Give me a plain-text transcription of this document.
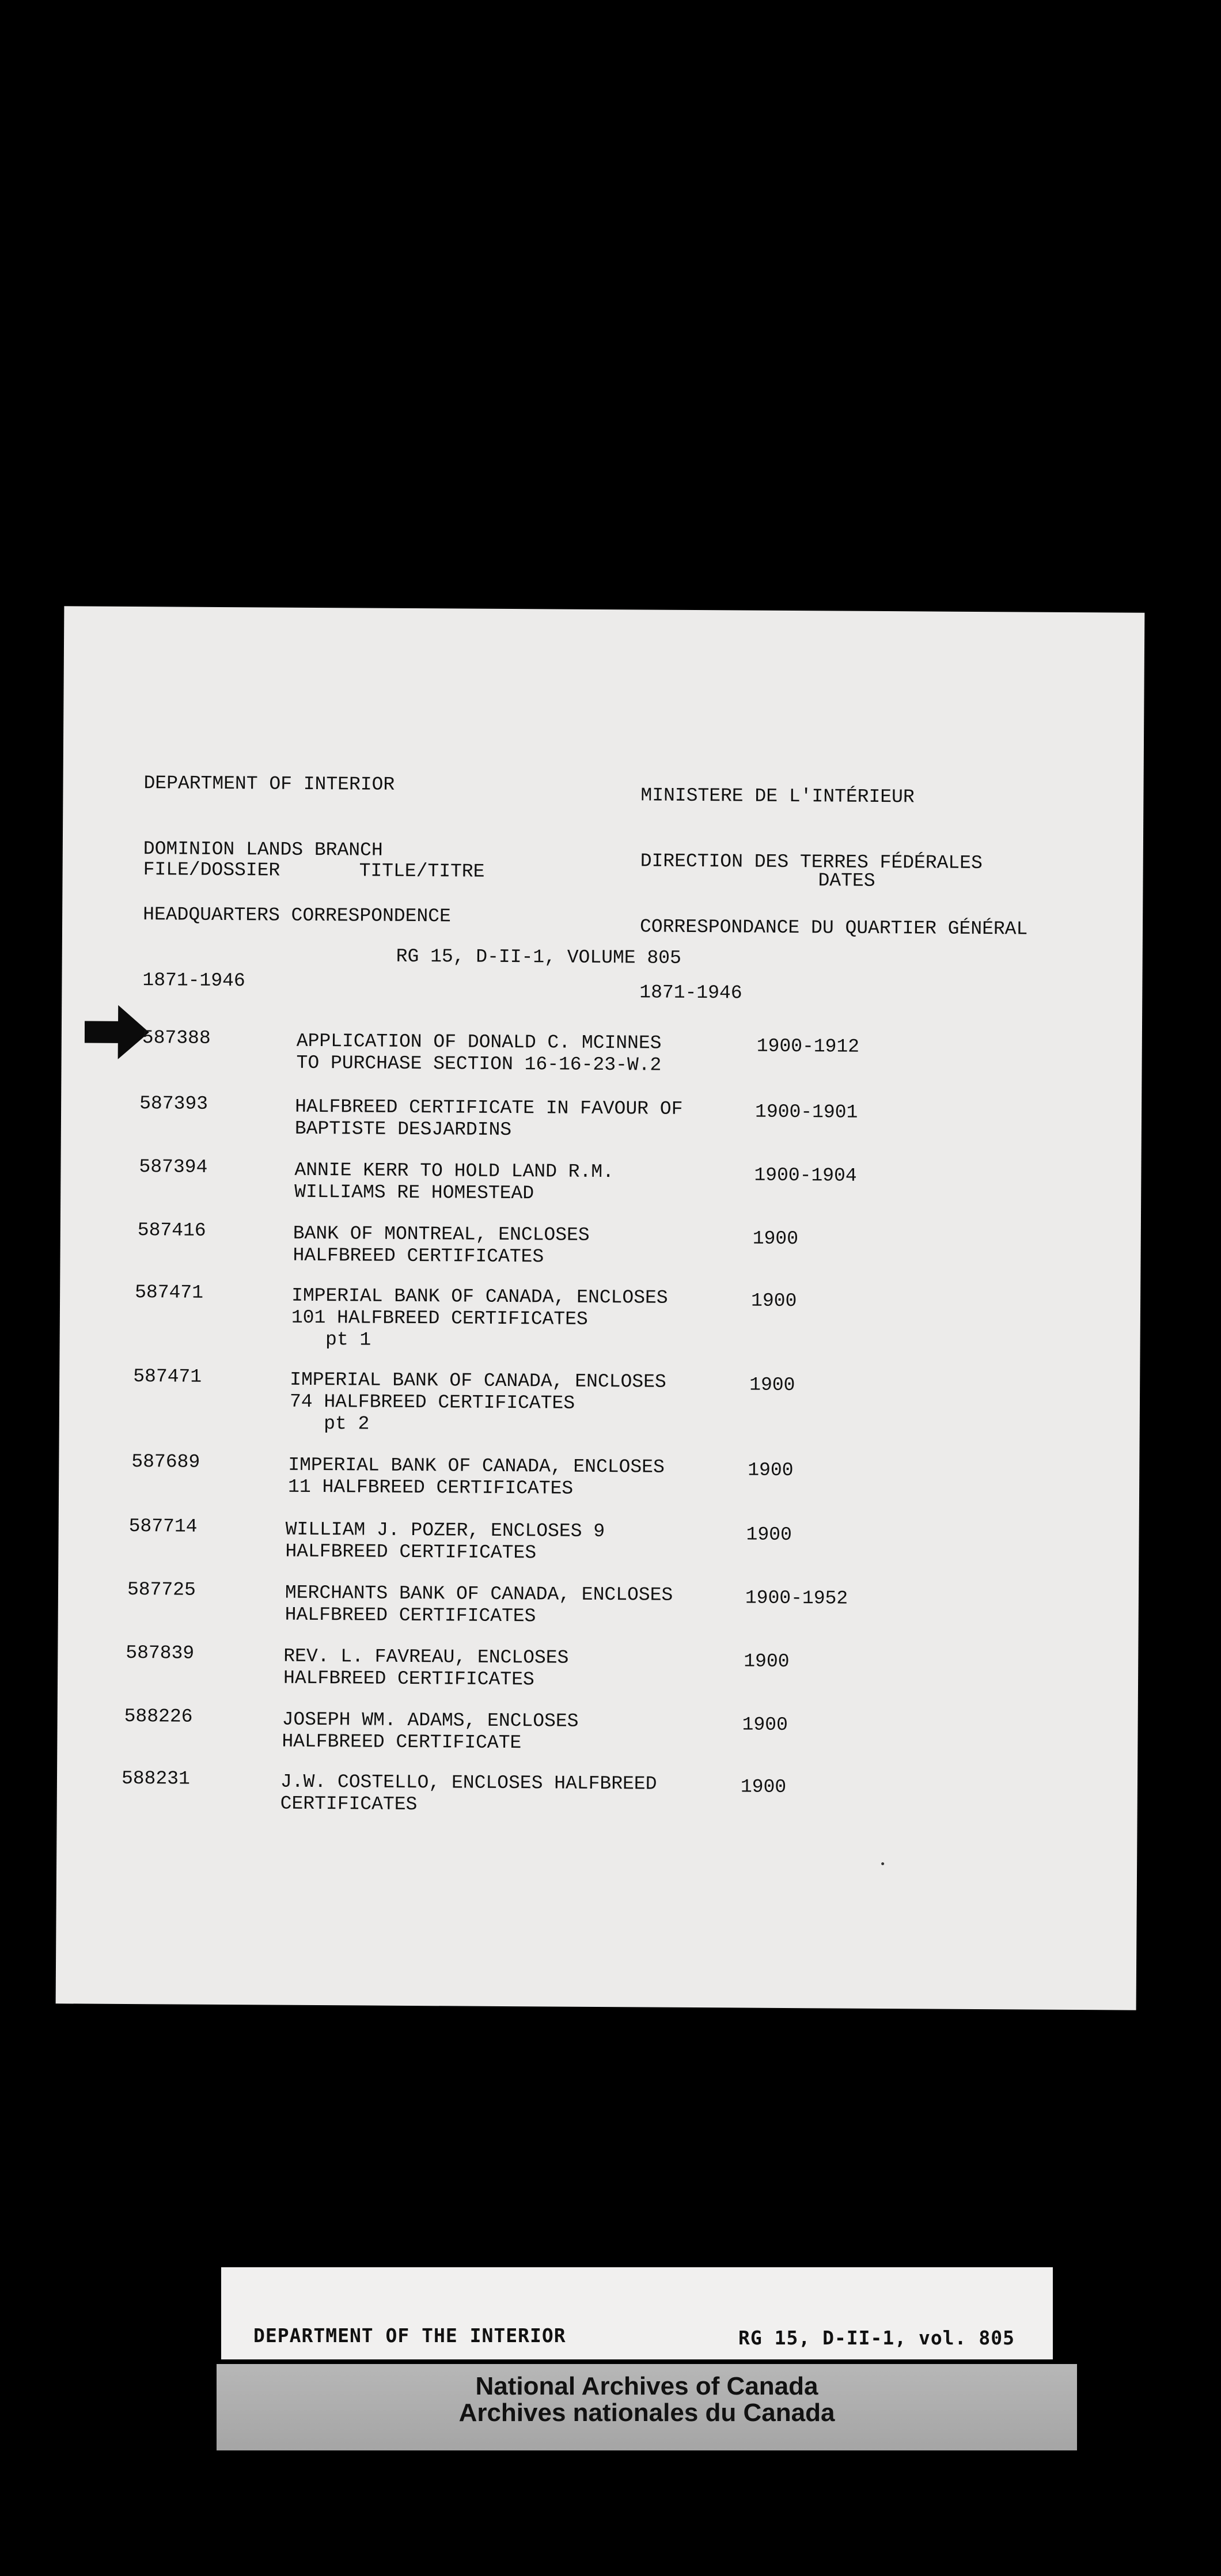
DEPARTMENT OF INTERIOR

DOMINION LANDS BRANCH

HEADQUARTERS CORRESPONDENCE

1871-1946

MINISTERE DE L'INTÉRIEUR

DIRECTION DES TERRES FÉDÉRALES

CORRESPONDANCE DU QUARTIER GÉNÉRAL

1871-1946

FILE/DOSSIER	TITLE/TITRE	DATES
RG 15, D-II-1, VOLUME 805
587388	APPLICATION OF DONALD C. MCINNES
TO PURCHASE SECTION 16-16-23-W.2
1900-1912
587393	HALFBREED CERTIFICATE IN FAVOUR OF
BAPTISTE DESJARDINS
1900-1901
587394	ANNIE KERR TO HOLD LAND R.M.
WILLIAMS RE HOMESTEAD
1900-1904
587416	BANK OF MONTREAL, ENCLOSES
HALFBREED CERTIFICATES
1900
587471	IMPERIAL BANK OF CANADA, ENCLOSES
101 HALFBREED CERTIFICATES
pt 1
1900
587471	IMPERIAL BANK OF CANADA, ENCLOSES
74 HALFBREED CERTIFICATES
pt 2
1900
587689	IMPERIAL BANK OF CANADA, ENCLOSES
11 HALFBREED CERTIFICATES
1900
587714	WILLIAM J. POZER, ENCLOSES 9
HALFBREED CERTIFICATES
1900
587725	MERCHANTS BANK OF CANADA, ENCLOSES
HALFBREED CERTIFICATES
1900-1952
587839	REV. L. FAVREAU, ENCLOSES
HALFBREED CERTIFICATES
1900
588226	JOSEPH WM. ADAMS, ENCLOSES
HALFBREED CERTIFICATE
1900
588231	J.W. COSTELLO, ENCLOSES HALFBREED
CERTIFICATES
1900

DEPARTMENT OF THE INTERIOR

	RG 15, D-II-1, vol. 805

National Archives of Canada
Archives nationales du Canada
